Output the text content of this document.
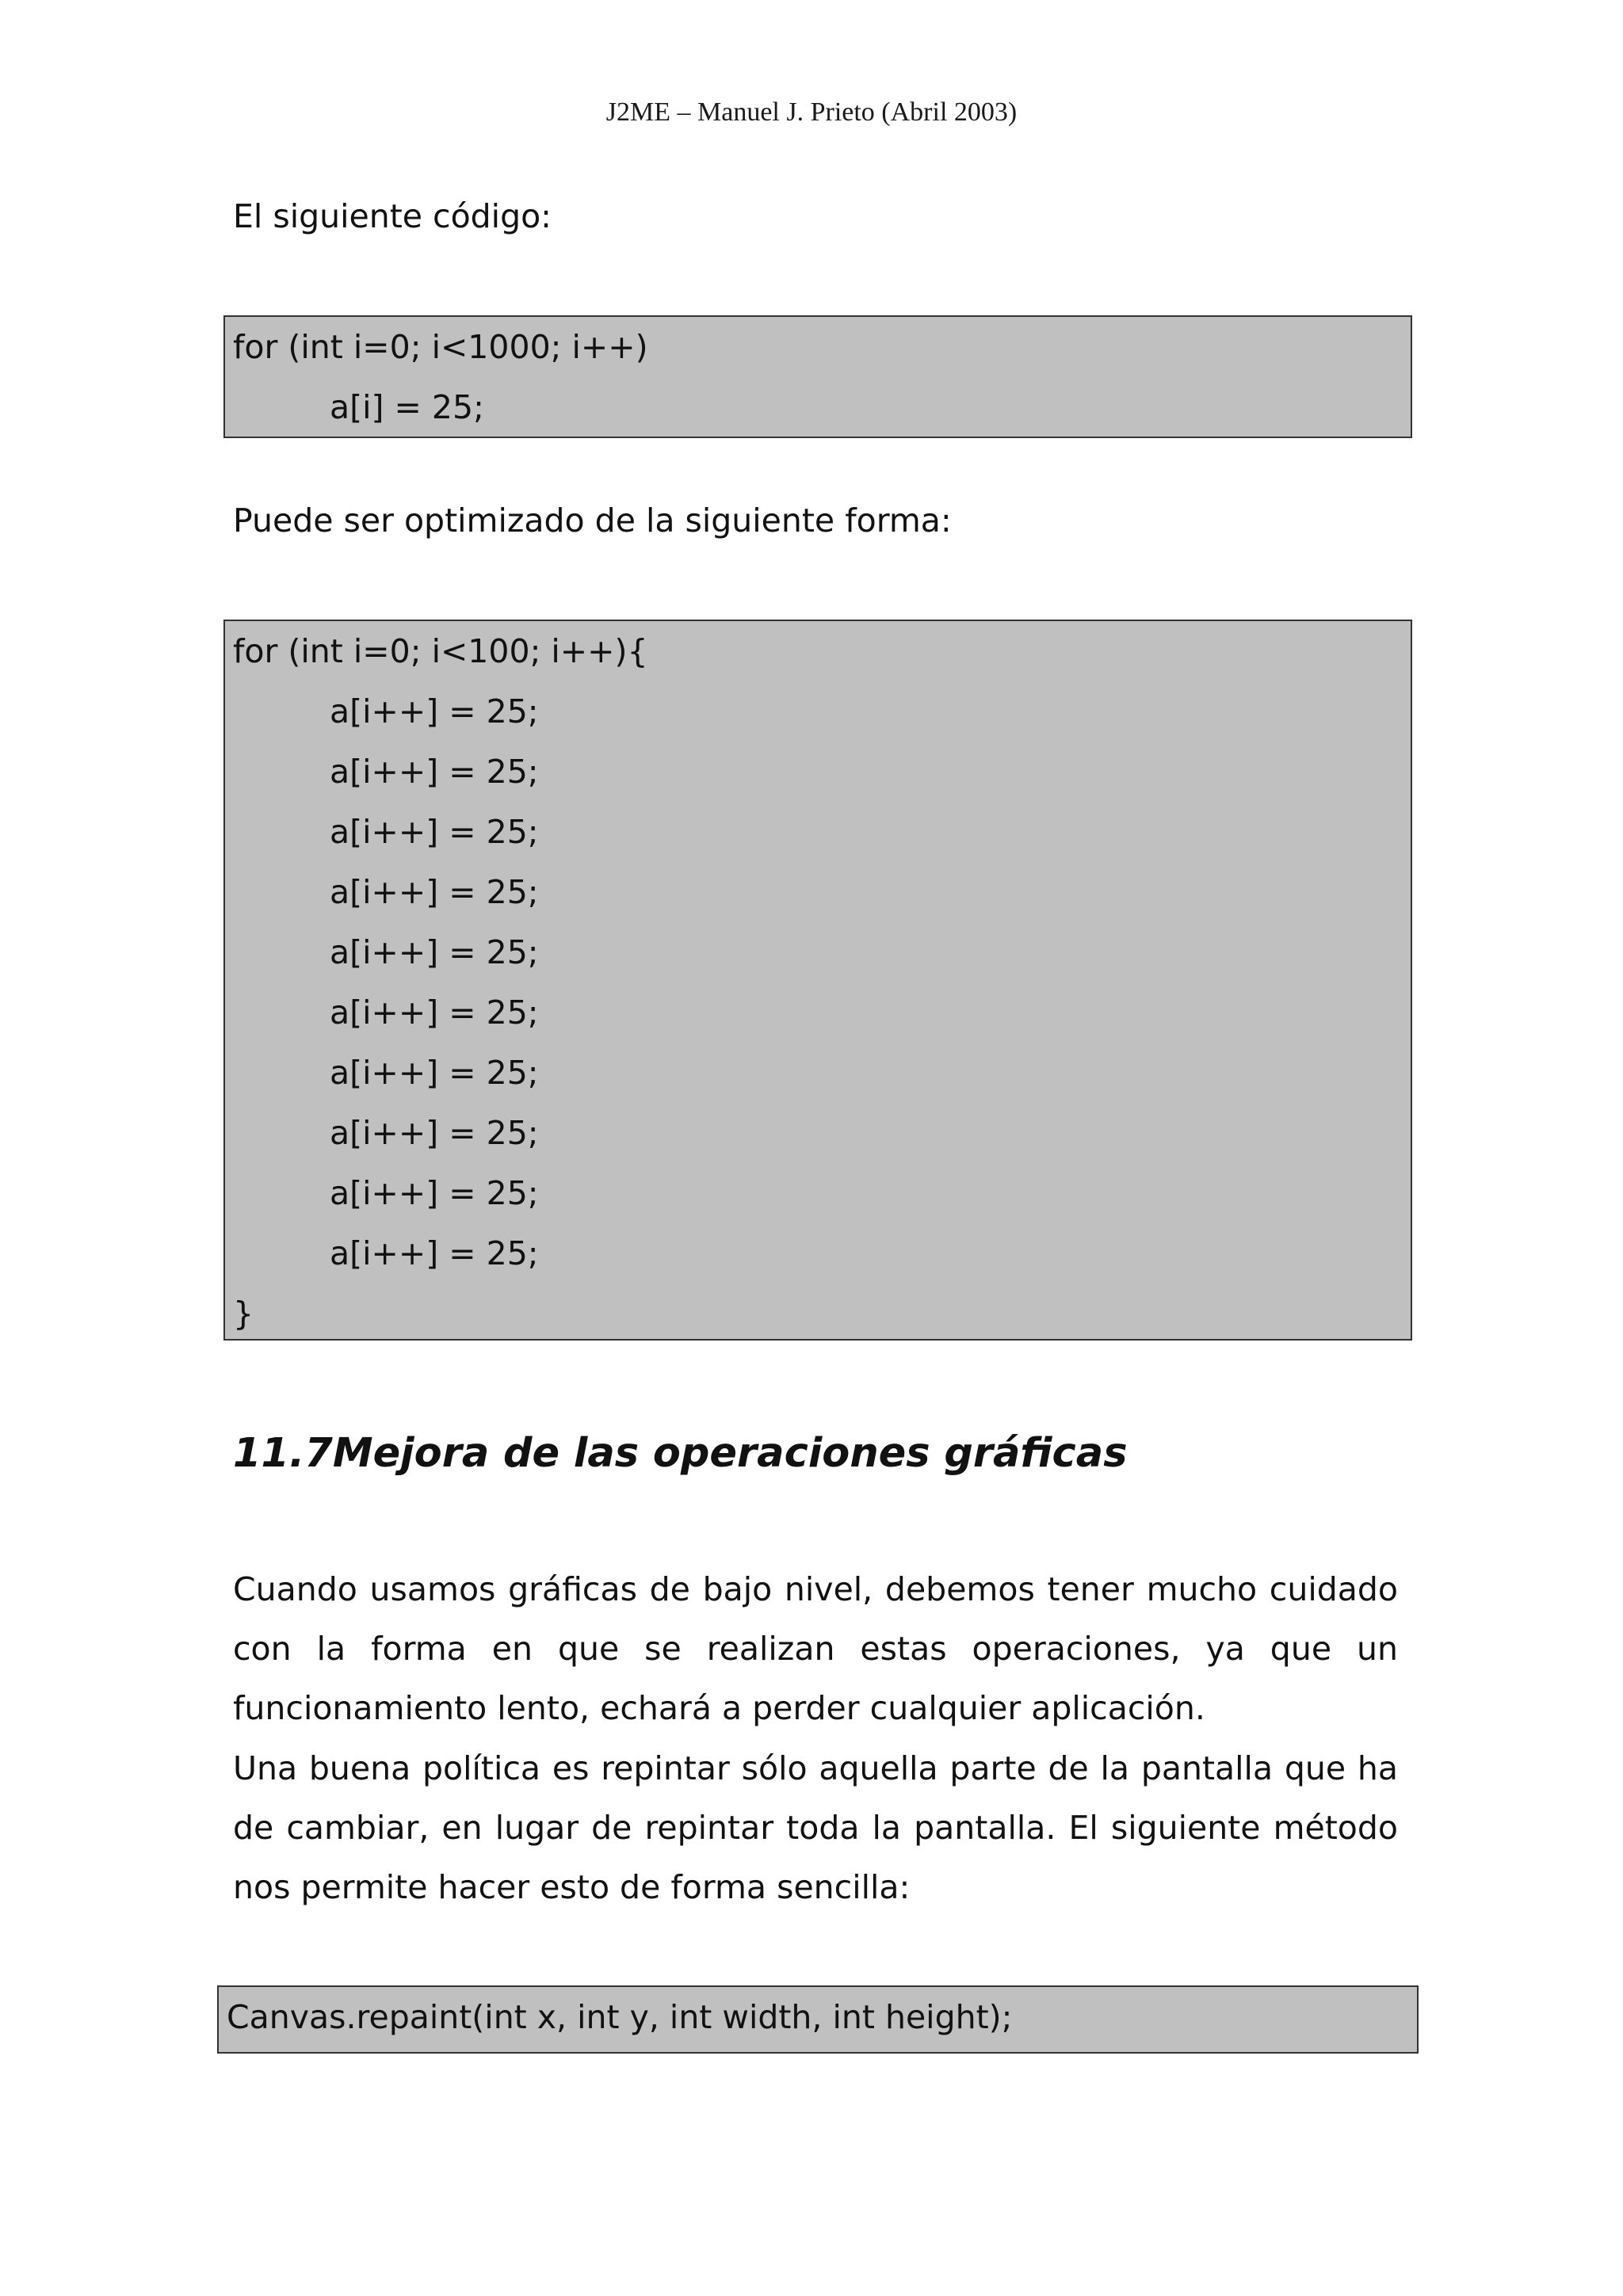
J2ME – Manuel J. Prieto (Abril 2003)

El siguiente código:

for (int i=0; i<1000; i++)
a[i] = 25;

Puede ser optimizado de la siguiente forma:

for (int i=0; i<100; i++){
a[i++] = 25;
a[i++] = 25;
a[i++] = 25;
a[i++] = 25;
a[i++] = 25;
a[i++] = 25;
a[i++] = 25;
a[i++] = 25;
a[i++] = 25;
a[i++] = 25;
}
11.7Mejora de las operaciones gráficas

Cuando usamos gráficas de bajo nivel, debemos tener mucho cuidado con la forma en que se realizan estas operaciones, ya que un funcionamiento lento, echará a perder cualquier aplicación.

Una buena política es repintar sólo aquella parte de la pantalla que ha de cambiar, en lugar de repintar toda la pantalla. El siguiente método nos permite hacer esto de forma sencilla:

Canvas.repaint(int x, int y, int width, int height);
